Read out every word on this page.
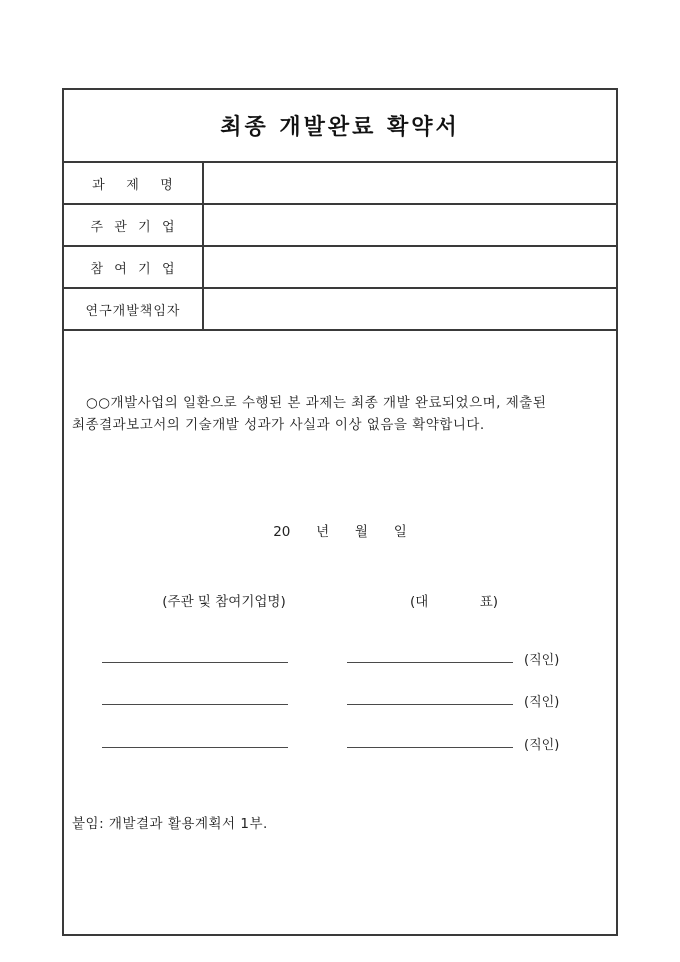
최종 개발완료 확약서
과    제    명
주  관  기  업
참  여  기  업
연구개발책임자
○○개발사업의 일환으로 수행된 본 과제는 최종 개발 완료되었으며, 제출된 최종결과보고서의 기술개발 성과가 사실과 이상 없음을 확약합니다.
20      년      월      일
(주관 및 참여기업명)	(대            표)
(직인)
(직인)
(직인)
붙임: 개발결과 활용계획서 1부.
